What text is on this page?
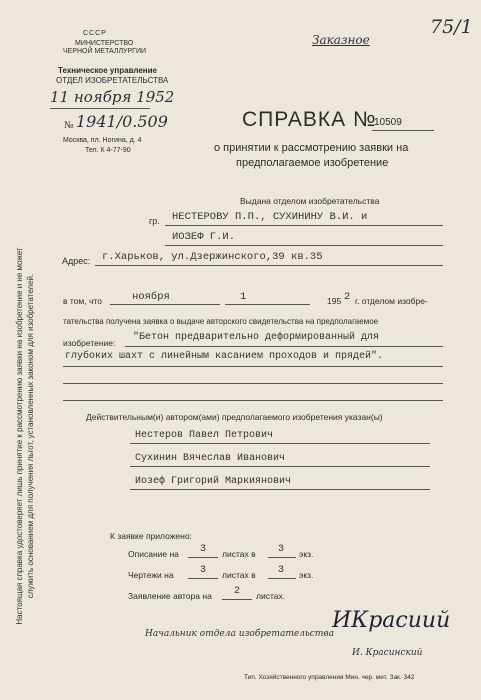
Настоящая справка удостоверяет лишь принятие к рассмотрению заявки на изобретение и не может служить основанием для получения льгот, установленных законом для изобретателей.
СССР
МИНИСТЕРСТВО
ЧЕРНОЙ МЕТАЛЛУРГИИ
Техническое управление
ОТДЕЛ ИЗОБРЕТАТЕЛЬСТВА
11 ноября 1952
№ 1941/0.509
Москва, пл. Ногина, д. 4
Тел. К 4-77-90
Заказное
75/1
СПРАВКА №
10509
о принятии к рассмотрению заявки на
предполагаемое изобретение
Выдана отделом изобретательства
гр. НЕСТЕРОВУ П.П., СУХИНИНУ В.И. и
ИОЗЕФ Г.И.
Адрес: г.Харьков, ул.Дзержинского,39 кв.35
в том, что	ноября	1	195 2 г. отделом изобре-
тательства получена заявка о выдаче авторского свидетельства на предполагаемое
изобретение: "Бетон предварительно деформированный для
глубоких шахт с линейным касанием проходов и прядей".
Действительным(и) автором(ами) предполагаемого изобретения указан(ы)
Нестеров Павел Петрович
Сухинин Вячеслав Иванович
Иозеф Григорий Маркиянович
К заявке приложено:
Описание на 3 листах в 3 экз.
Чертежи на	3 листах в 3 экз.
Заявление автора на 2 листах.
Начальник отдела изобретательства
ИКрасиий
И. Красинский
Тип. Хозяйственного управления Мин. чер. мет. Зак. 342
